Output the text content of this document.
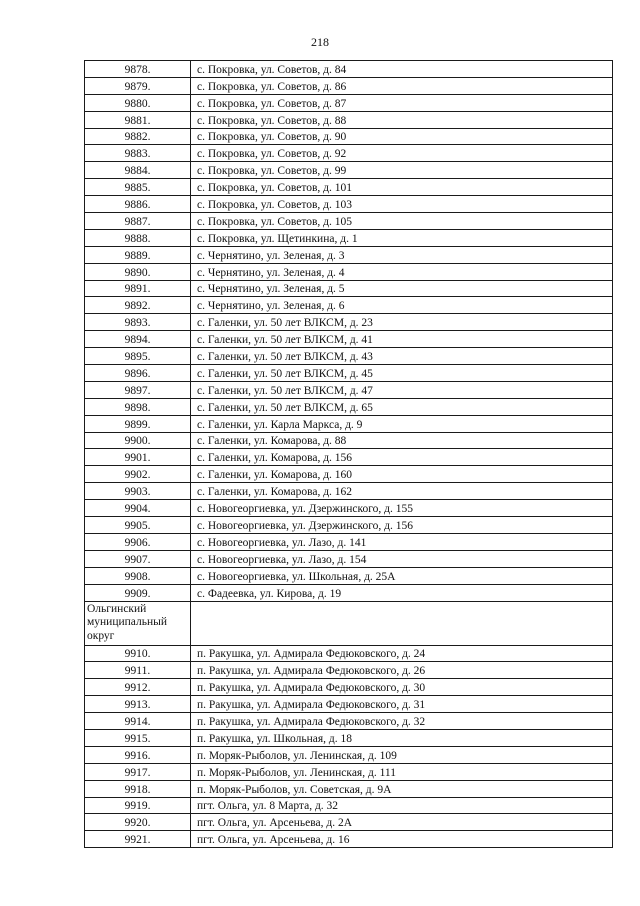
218
9878.	с. Покровка, ул. Советов, д. 84
9879.	с. Покровка, ул. Советов, д. 86
9880.	с. Покровка, ул. Советов, д. 87
9881.	с. Покровка, ул. Советов, д. 88
9882.	с. Покровка, ул. Советов, д. 90
9883.	с. Покровка, ул. Советов, д. 92
9884.	с. Покровка, ул. Советов, д. 99
9885.	с. Покровка, ул. Советов, д. 101
9886.	с. Покровка, ул. Советов, д. 103
9887.	с. Покровка, ул. Советов, д. 105
9888.	с. Покровка, ул. Щетинкина, д. 1
9889.	с. Чернятино, ул. Зеленая, д. 3
9890.	с. Чернятино, ул. Зеленая, д. 4
9891.	с. Чернятино, ул. Зеленая, д. 5
9892.	с. Чернятино, ул. Зеленая, д. 6
9893.	с. Галенки, ул. 50 лет ВЛКСМ, д. 23
9894.	с. Галенки, ул. 50 лет ВЛКСМ, д. 41
9895.	с. Галенки, ул. 50 лет ВЛКСМ, д. 43
9896.	с. Галенки, ул. 50 лет ВЛКСМ, д. 45
9897.	с. Галенки, ул. 50 лет ВЛКСМ, д. 47
9898.	с. Галенки, ул. 50 лет ВЛКСМ, д. 65
9899.	с. Галенки, ул. Карла Маркса, д. 9
9900.	с. Галенки, ул. Комарова, д. 88
9901.	с. Галенки, ул. Комарова, д. 156
9902.	с. Галенки, ул. Комарова, д. 160
9903.	с. Галенки, ул. Комарова, д. 162
9904.	с. Новогеоргиевка, ул. Дзержинского, д. 155
9905.	с. Новогеоргиевка, ул. Дзержинского, д. 156
9906.	с. Новогеоргиевка, ул. Лазо, д. 141
9907.	с. Новогеоргиевка, ул. Лазо, д. 154
9908.	с. Новогеоргиевка, ул. Школьная, д. 25А
9909.	с. Фадеевка, ул. Кирова, д. 19
Ольгинский муниципальный округ	
9910.	п. Ракушка, ул. Адмирала Федюковского, д. 24
9911.	п. Ракушка, ул. Адмирала Федюковского, д. 26
9912.	п. Ракушка, ул. Адмирала Федюковского, д. 30
9913.	п. Ракушка, ул. Адмирала Федюковского, д. 31
9914.	п. Ракушка, ул. Адмирала Федюковского, д. 32
9915.	п. Ракушка, ул. Школьная, д. 18
9916.	п. Моряк-Рыболов, ул. Ленинская, д. 109
9917.	п. Моряк-Рыболов, ул. Ленинская, д. 111
9918.	п. Моряк-Рыболов, ул. Советская, д. 9А
9919.	пгт. Ольга, ул. 8 Марта, д. 32
9920.	пгт. Ольга, ул. Арсеньева, д. 2А
9921.	пгт. Ольга, ул. Арсеньева, д. 16
